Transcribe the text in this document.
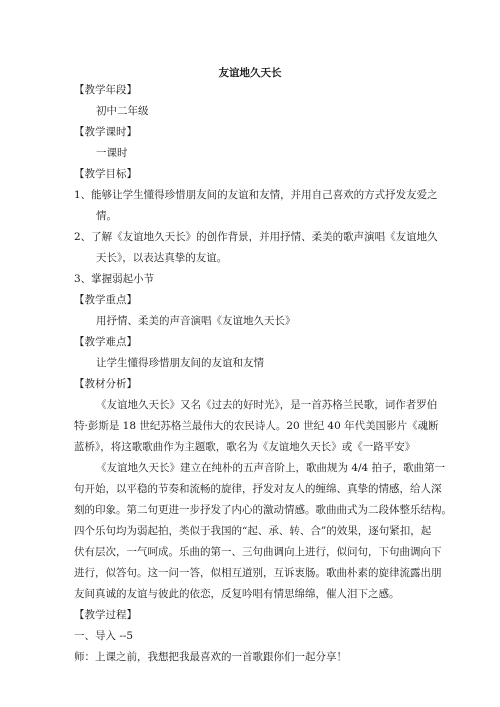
友谊地久天长
【教学年段】
初中二年级
【教学课时】
一课时
【教学目标】
1、能够让学生懂得珍惜朋友间的友谊和友情，并用自己喜欢的方式抒发友爱之
情。
2、了解《友谊地久天长》的创作背景，并用抒情、柔美的歌声演唱《友谊地久
天长》，以表达真挚的友谊。
3、掌握弱起小节
【教学重点】
用抒情、柔美的声音演唱《友谊地久天长》
【教学难点】
让学生懂得珍惜朋友间的友谊和友情
【教材分析】
《友谊地久天长》又名《过去的好时光》，是一首苏格兰民歌，词作者罗伯
特·彭斯是 18 世纪苏格兰最伟大的农民诗人。20 世纪 40 年代美国影片《魂断
蓝桥》，将这歌歌曲作为主题歌，歌名为《友谊地久天长》或《一路平安》
《友谊地久天长》建立在纯朴的五声音阶上，歌曲规为 4/4 拍子，歌曲第一
句开始，以平稳的节奏和流畅的旋律，抒发对友人的缠绵、真挚的情感，给人深
刻的印象。第二句更进一步抒发了内心的激动情感。歌曲曲式为二段体整乐结构。
四个乐句均为弱起拍，类似于我国的“起、承、转、合”的效果，逐句紧扣，起
伏有层次，一气呵成。乐曲的第一、三句曲调向上进行，似问句，下句曲调向下
进行，似答句。这一问一答，似相互道别，互诉衷肠。歌曲朴素的旋律流露出朋
友间真诚的友谊与彼此的依恋，反复吟唱有情思绵绵，催人泪下之感。
【教学过程】
一、导入 --5
师：上课之前，我想把我最喜欢的一首歌跟你们一起分享！
